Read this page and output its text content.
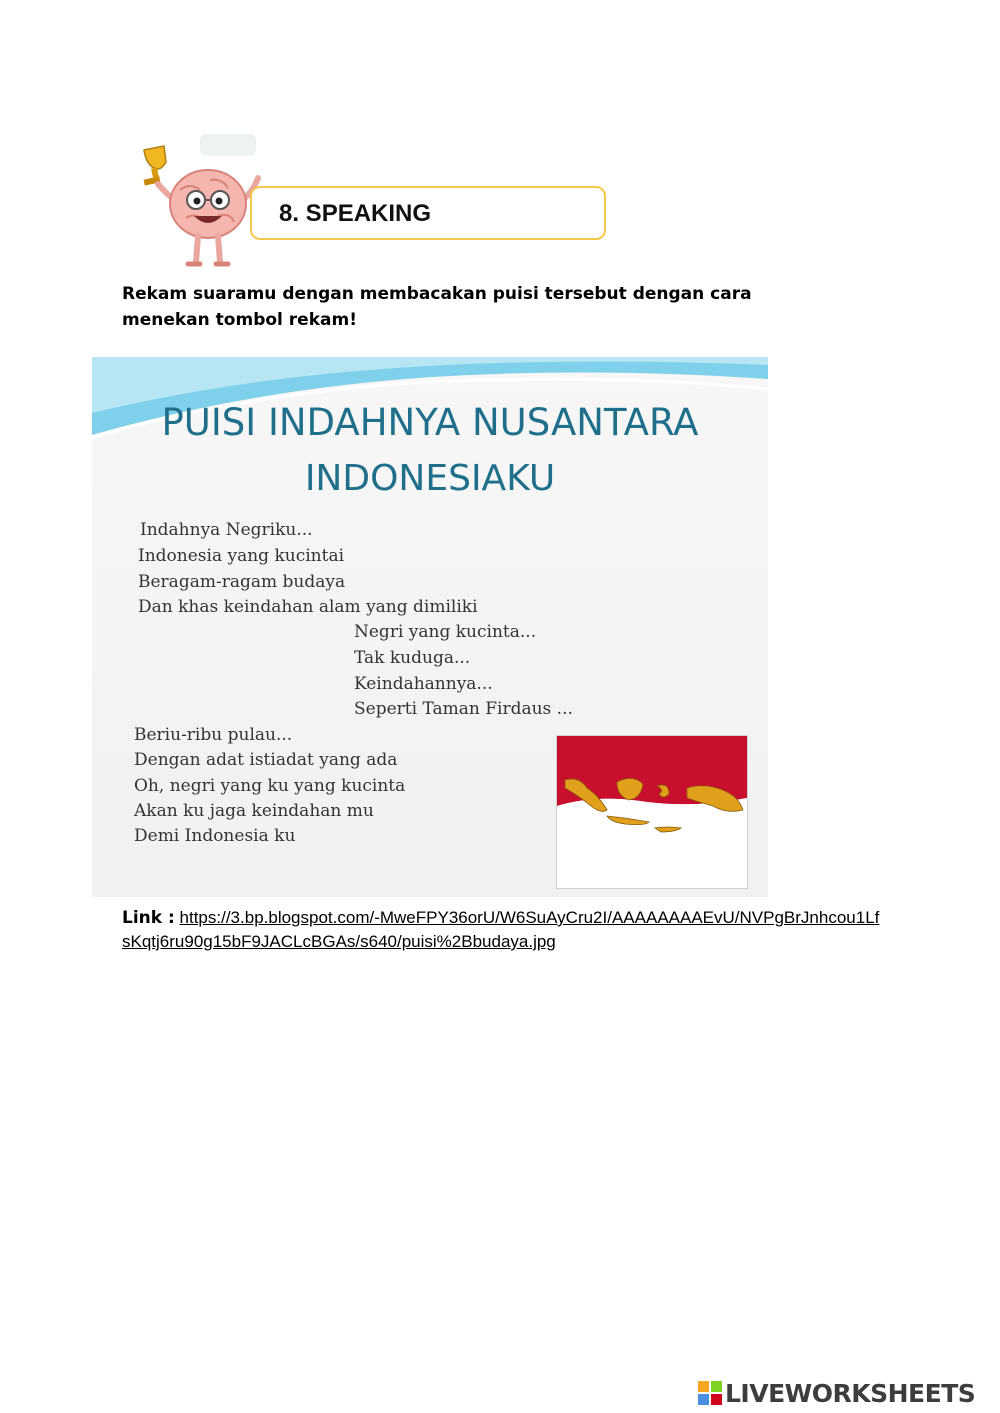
8. SPEAKING
Rekam suaramu dengan membacakan puisi tersebut dengan cara menekan tombol rekam!
PUISI INDAHNYA NUSANTARA
INDONESIAKU
Indahnya Negriku...
Indonesia yang kucintai
Beragam-ragam budaya
Dan khas keindahan alam yang dimiliki
Negri yang kucinta...
Tak kuduga...
Keindahannya...
Seperti Taman Firdaus ...
Beriu-ribu pulau...
Dengan adat istiadat yang ada
Oh, negri yang ku yang kucinta
Akan ku jaga keindahan mu
Demi Indonesia ku
Link : https://3.bp.blogspot.com/-MweFPY36orU/W6SuAyCru2I/AAAAAAAAEvU/NVPgBrJnhcou1LfsKqtj6ru90g15bF9JACLcBGAs/s640/puisi%2Bbudaya.jpg
LIVEWORKSHEETS
